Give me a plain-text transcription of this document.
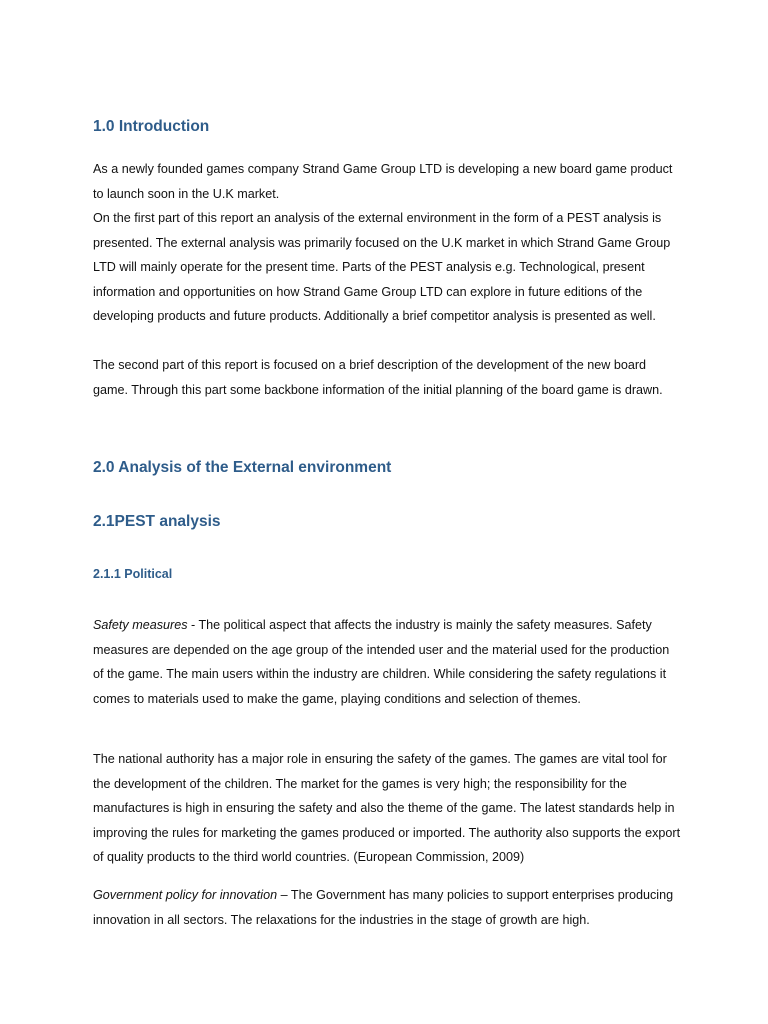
1.0 Introduction

As a newly founded games company Strand Game Group LTD is developing a new board game product to launch soon in the U.K market.

On the first part of this report an analysis of the external environment in the form of a PEST analysis is presented. The external analysis was primarily focused on the U.K market in which Strand Game Group LTD will mainly operate for the present time. Parts of the PEST analysis e.g. Technological, present information and opportunities on how Strand Game Group LTD can explore in future editions of the developing products and future products. Additionally a brief competitor analysis is presented as well.

The second part of this report is focused on a brief description of the development of the new board game. Through this part some backbone information of the initial planning of the board game is drawn.

2.0 Analysis of the External environment
2.1PEST analysis
2.1.1 Political

Safety measures - The political aspect that affects the industry is mainly the safety measures. Safety measures are depended on the age group of the intended user and the material used for the production of the game. The main users within the industry are children. While considering the safety regulations it comes to materials used to make the game, playing conditions and selection of themes.

The national authority has a major role in ensuring the safety of the games. The games are vital tool for the development of the children. The market for the games is very high; the responsibility for the manufactures is high in ensuring the safety and also the theme of the game. The latest standards help in improving the rules for marketing the games produced or imported. The authority also supports the export of quality products to the third world countries. (European Commission, 2009)

Government policy for innovation – The Government has many policies to support enterprises producing innovation in all sectors. The relaxations for the industries in the stage of growth are high.
